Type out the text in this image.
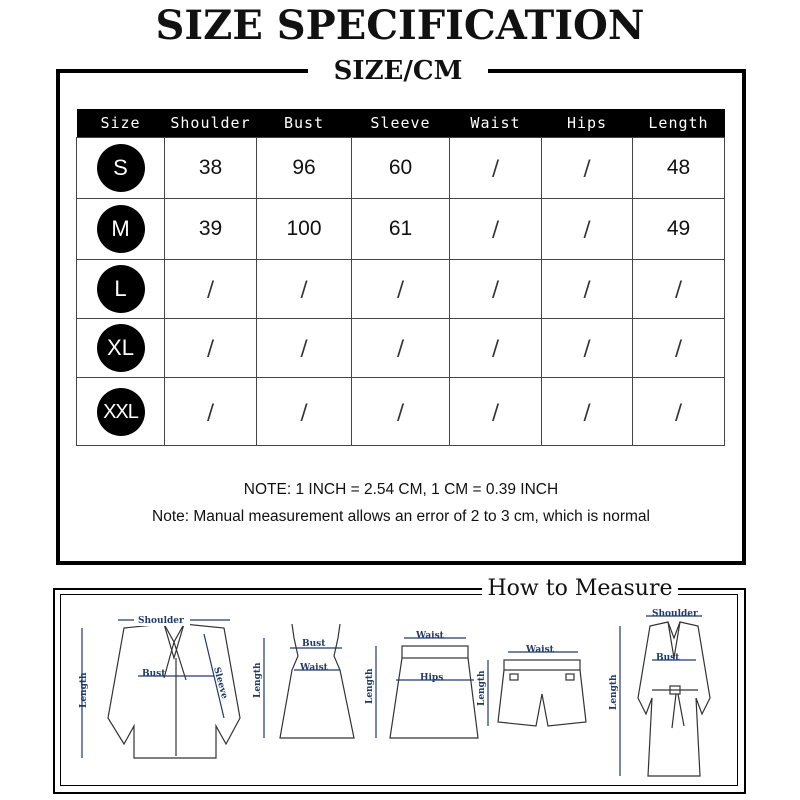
SIZE SPECIFICATION
SIZE/CM
Size	Shoulder	Bust	Sleeve	Waist	Hips	Length
S	38	96	60	/	/	48
M	39	100	61	/	/	49
L	/	/	/	/	/	/
XL	/	/	/	/	/	/
XXL	/	/	/	/	/	/
NOTE: 1 INCH = 2.54 CM, 1 CM = 0.39 INCH
Note: Manual measurement allows an error of 2 to 3 cm, which is normal
How to Measure
Shoulder
Bust	Sleeve
Length
Bust
Waist
Length
Waist
Hips
Length
Waist
Length
Shoulder
Bust
Length
